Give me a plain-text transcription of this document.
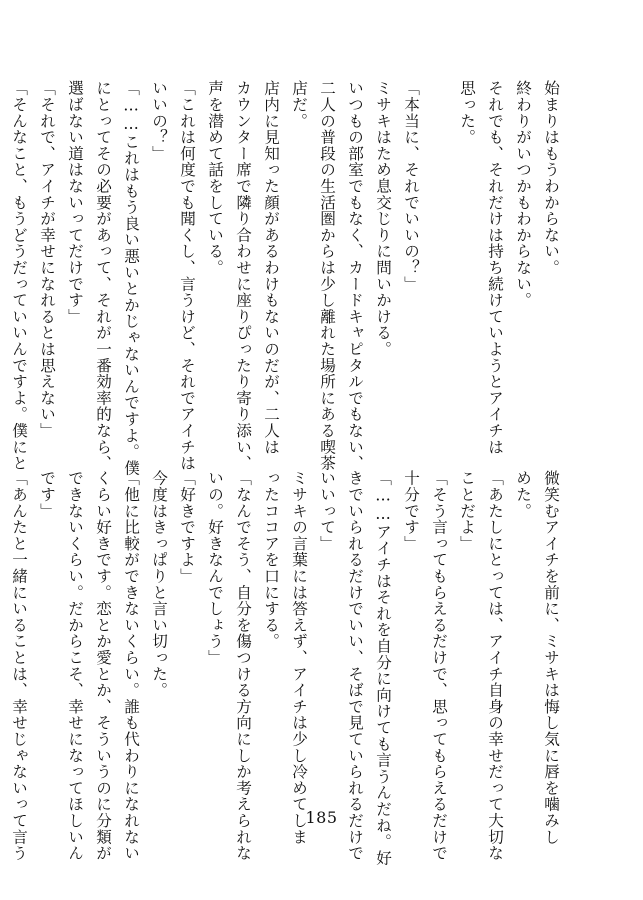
始まりはもうわからない。
終わりがいつかもわからない。
それでも、それだけは持ち続けていようとアイチは
思った。

「本当に、それでいいの？」
ミサキはため息交じりに問いかける。
いつもの部室でもなく、カードキャピタルでもない、
二人の普段の生活圏からは少し離れた場所にある喫茶
店だ。
店内に見知った顔があるわけもないのだが、二人は
カウンター席で隣り合わせに座りぴったり寄り添い、
声を潜めて話をしている。
「これは何度でも聞くし、言うけど、それでアイチは
いいの？」
「……これはもう良い悪いとかじゃないんですよ。僕
にとってその必要があって、それが一番効率的なら、
選ばない道はないってだけです」
「それで、アイチが幸せになれるとは思えない」
「そんなこと、もうどうだっていいんですよ。僕にと
微笑むアイチを前に、ミサキは悔し気に唇を噛みし
めた。
「あたしにとっては、アイチ自身の幸せだって大切な
ことだよ」
「そう言ってもらえるだけで、思ってもらえるだけで
十分です」
「……アイチはそれを自分に向けても言うんだね。好
きでいられるだけでいい、そばで見ていられるだけで
いいって」
ミサキの言葉には答えず、アイチは少し冷めてしま
ったココアを口にする。
「なんでそう、自分を傷つける方向にしか考えられな
いの。好きなんでしょう」
「好きですよ」
今度はきっぱりと言い切った。
「他に比較ができないくらい。誰も代わりになれない
くらい好きです。恋とか愛とか、そういうのに分類が
できないくらい。だからこそ、幸せになってほしいん
です」
「あんたと一緒にいることは、幸せじゃないって言う	185
